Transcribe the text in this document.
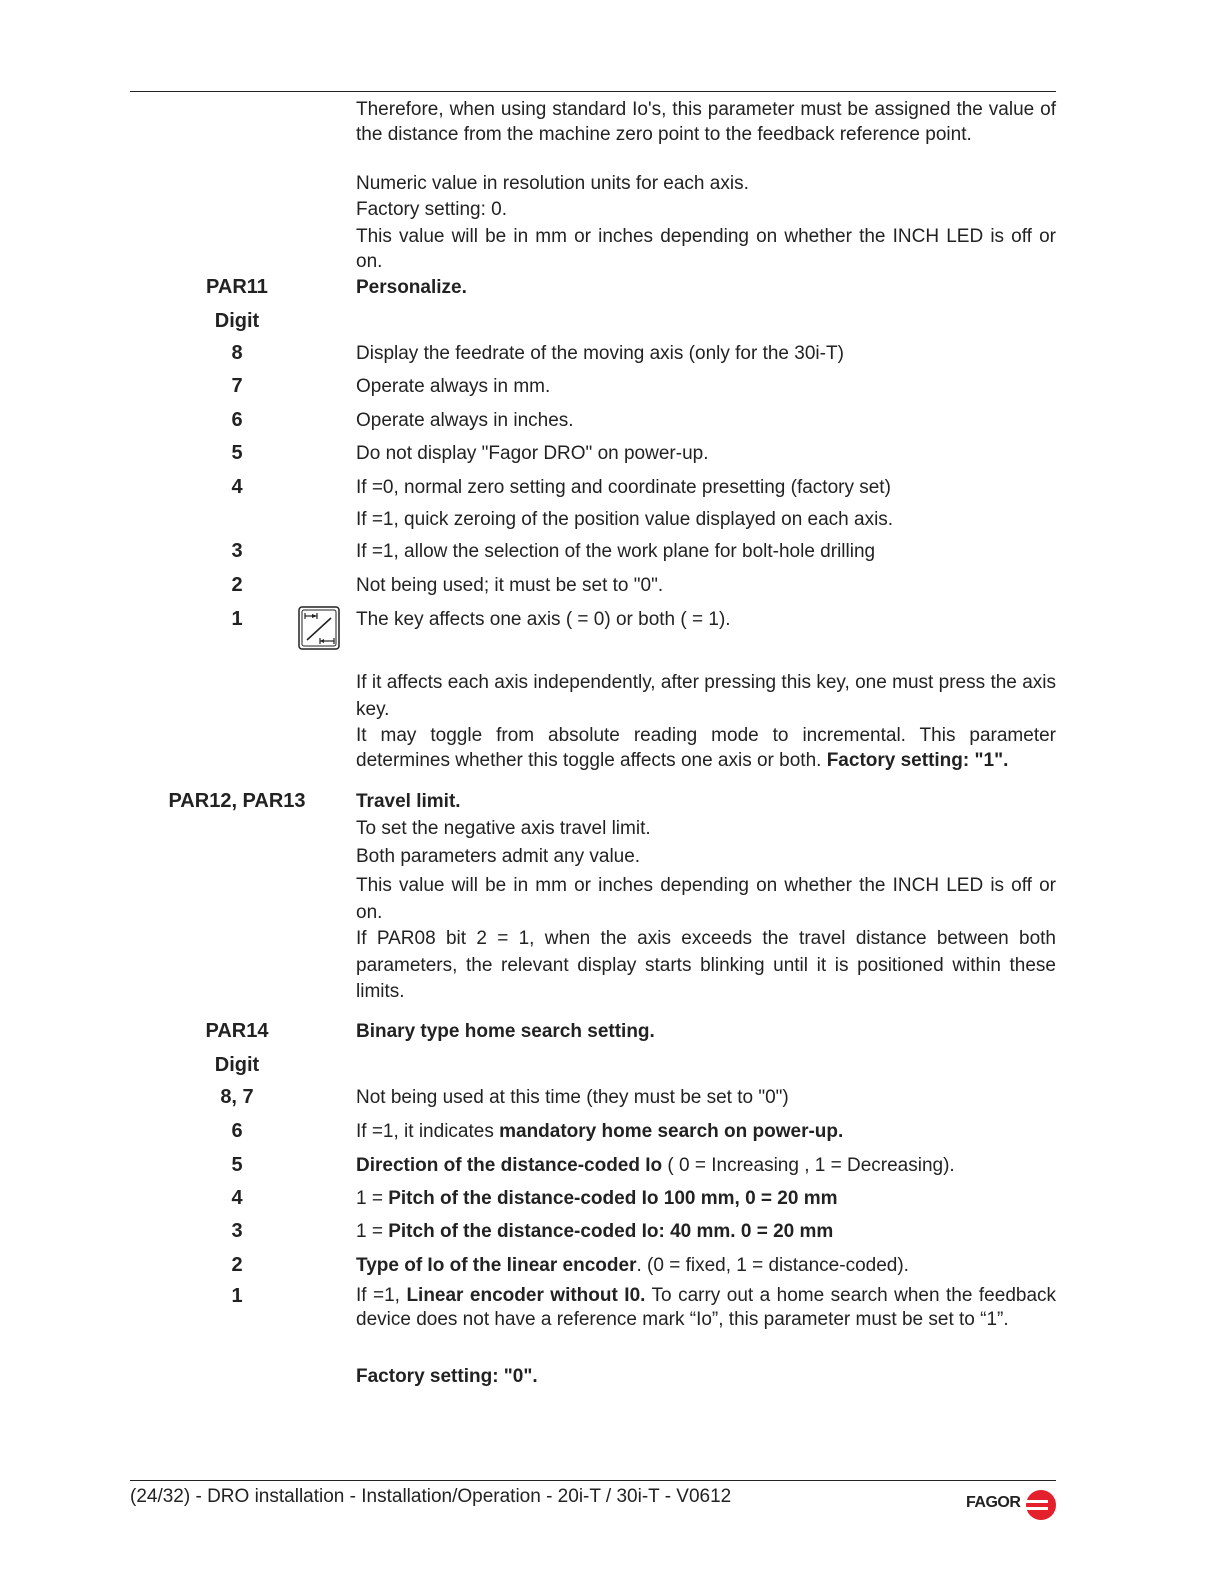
Therefore, when using standard Io's, this parameter must be assigned the value of the distance from the machine zero point to the feedback reference point.

Numeric value in resolution units for each axis.

Factory setting: 0.

This value will be in mm or inches depending on whether the INCH LED is off or on.

PAR11	Personalize.

Digit
8	Display the feedrate of the moving axis (only for the 30i-T)

7	Operate always in mm.

6	Operate always in inches.

5	Do not display "Fagor DRO" on power-up.

4	If =0, normal zero setting and coordinate presetting (factory set)

If =1, quick zeroing of the position value displayed on each axis.

3	If =1, allow the selection of the work plane for bolt-hole drilling

2	Not being used; it must be set to "0".

1	The key affects one axis ( = 0) or both ( = 1).

If it affects each axis independently, after pressing this key, one must press the axis key.

It may toggle from absolute reading mode to incremental. This parameter determines whether this toggle affects one axis or both. Factory setting: "1".

PAR12, PAR13	Travel limit.

To set the negative axis travel limit.

Both parameters admit any value.

This value will be in mm or inches depending on whether the INCH LED is off or on.

If PAR08 bit 2 = 1, when the axis exceeds the travel distance between both parameters, the relevant display starts blinking until it is positioned within these limits.

PAR14	Binary type home search setting.

Digit
8, 7	Not being used at this time (they must be set to "0")

6	If =1, it indicates mandatory home search on power-up.

5	Direction of the distance-coded Io ( 0 = Increasing , 1 = Decreasing).

4	1 = Pitch of the distance-coded Io 100 mm, 0 = 20 mm

3	1 = Pitch of the distance-coded Io: 40 mm. 0 = 20 mm

2	Type of Io of the linear encoder. (0 = fixed, 1 = distance-coded).

1	If =1, Linear encoder without I0. To carry out a home search when the feedback device does not have a reference mark “Io”, this parameter must be set to “1”.

Factory setting: "0".

(24/32) - DRO installation - Installation/Operation - 20i-T / 30i-T - V0612	FAGOR
